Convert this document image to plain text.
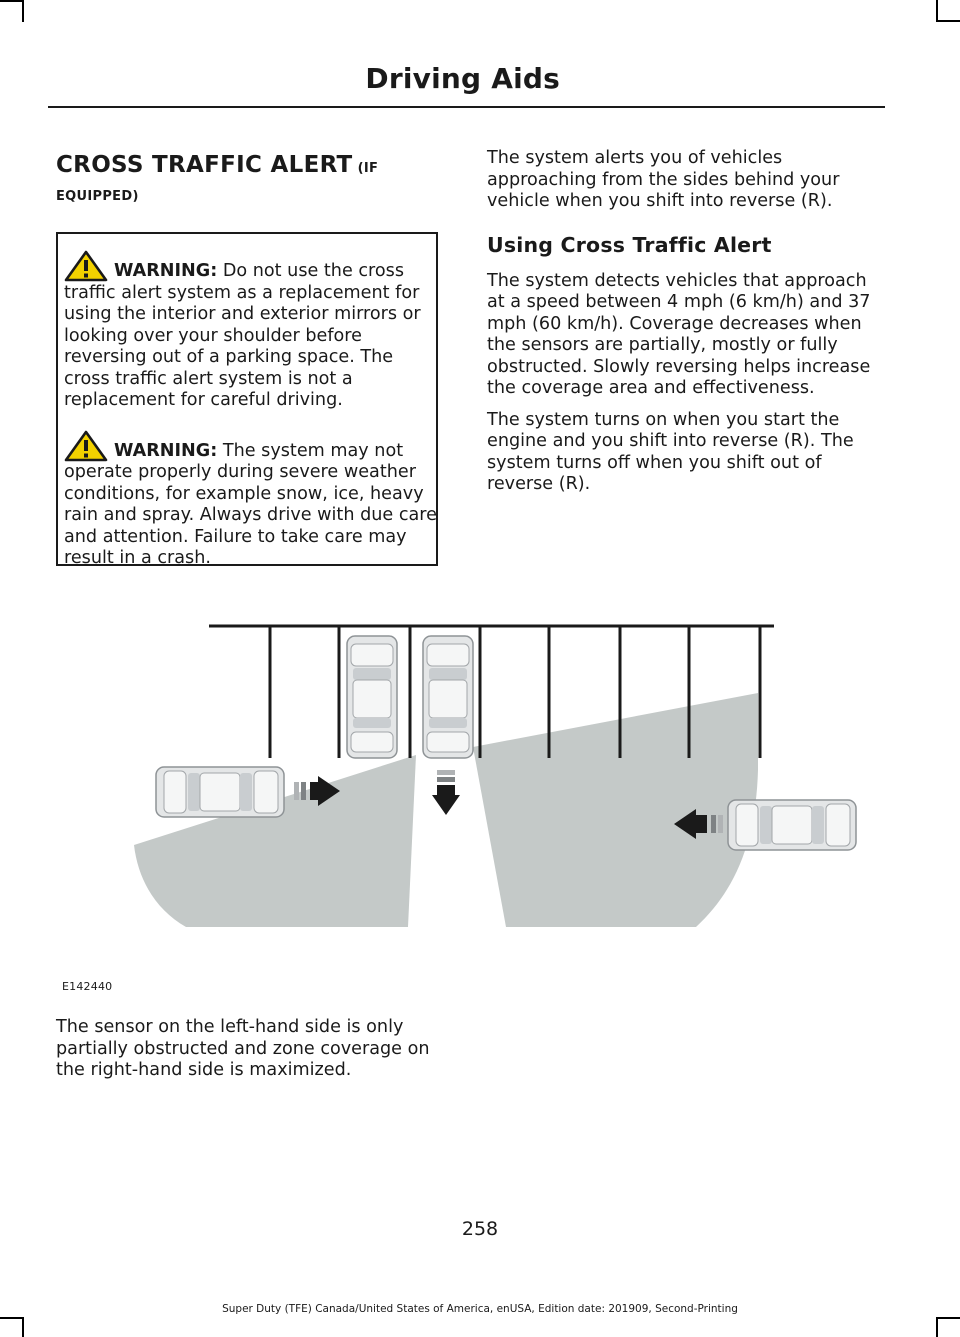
Driving Aids
CROSS TRAFFIC ALERT (IF EQUIPPED)

WARNING: Do not use the cross traffic alert system as a replacement for using the interior and exterior mirrors or looking over your shoulder before reversing out of a parking space. The cross traffic alert system is not a replacement for careful driving.

WARNING: The system may not operate properly during severe weather conditions, for example snow, ice, heavy rain and spray. Always drive with due care and attention. Failure to take care may result in a crash.

The system alerts you of vehicles approaching from the sides behind your vehicle when you shift into reverse (R).

Using Cross Traffic Alert

The system detects vehicles that approach at a speed between 4 mph (6 km/h) and 37 mph (60 km/h). Coverage decreases when the sensors are partially, mostly or fully obstructed. Slowly reversing helps increase the coverage area and effectiveness.

The system turns on when you start the engine and you shift into reverse (R). The system turns off when you shift out of reverse (R).

E142440

The sensor on the left-hand side is only partially obstructed and zone coverage on the right-hand side is maximized.

258
Super Duty (TFE) Canada/United States of America, enUSA, Edition date: 201909, Second-Printing
